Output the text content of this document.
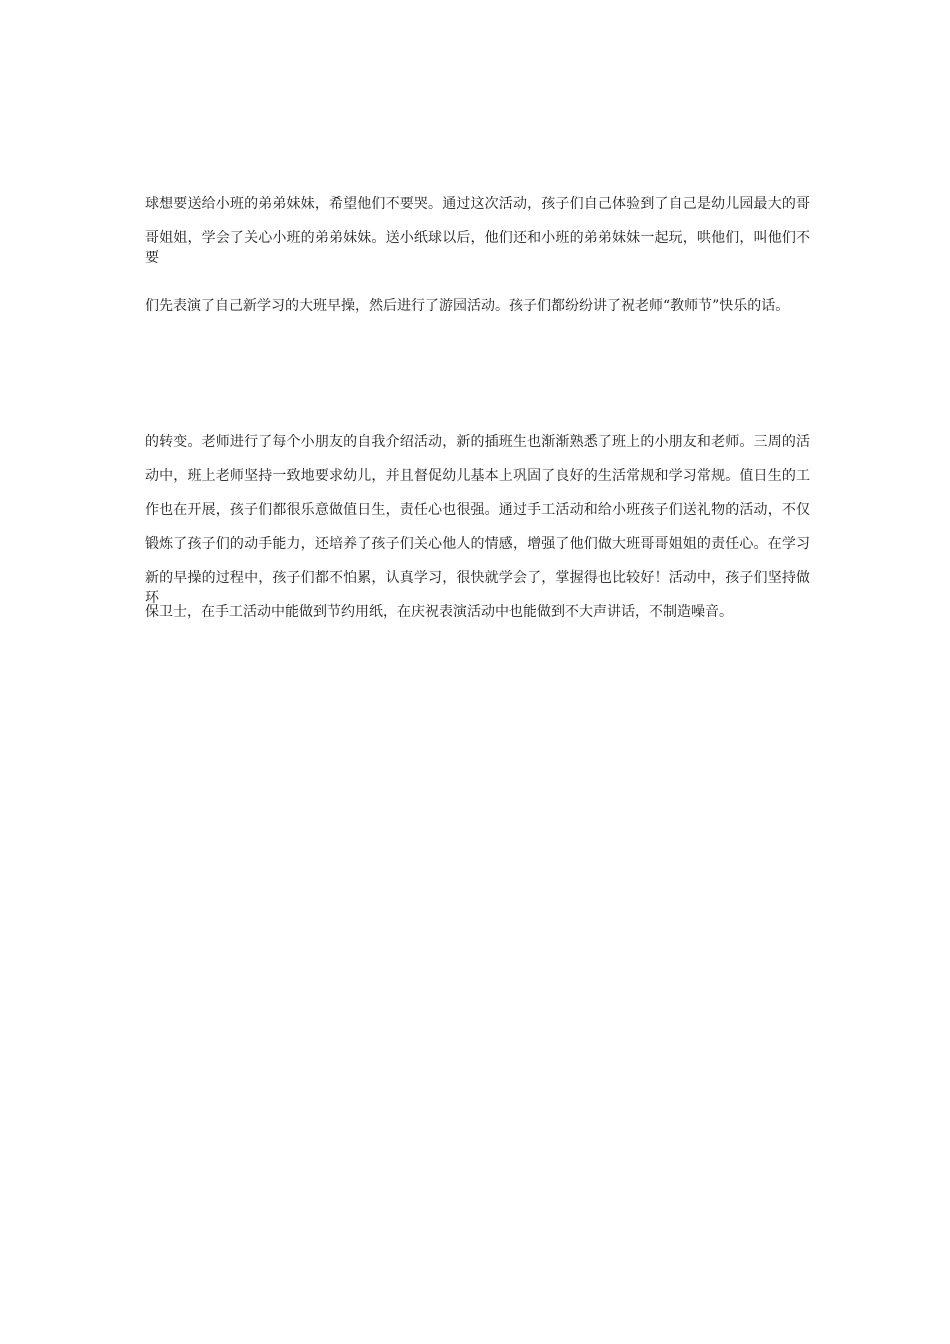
球想要送给小班的弟弟妹妹，希望他们不要哭。通过这次活动，孩子们自己体验到了自己是幼儿园最大的哥
哥姐姐，学会了关心小班的弟弟妹妹。送小纸球以后，他们还和小班的弟弟妹妹一起玩，哄他们，叫他们不要
们先表演了自己新学习的大班早操，然后进行了游园活动。孩子们都纷纷讲了祝老师“教师节”快乐的话。
的转变。老师进行了每个小朋友的自我介绍活动，新的插班生也渐渐熟悉了班上的小朋友和老师。三周的活
动中，班上老师坚持一致地要求幼儿，并且督促幼儿基本上巩固了良好的生活常规和学习常规。值日生的工
作也在开展，孩子们都很乐意做值日生，责任心也很强。通过手工活动和给小班孩子们送礼物的活动，不仅
锻炼了孩子们的动手能力，还培养了孩子们关心他人的情感，增强了他们做大班哥哥姐姐的责任心。在学习
新的早操的过程中，孩子们都不怕累，认真学习，很快就学会了，掌握得也比较好！活动中，孩子们坚持做环
保卫士，在手工活动中能做到节约用纸，在庆祝表演活动中也能做到不大声讲话，不制造噪音。
